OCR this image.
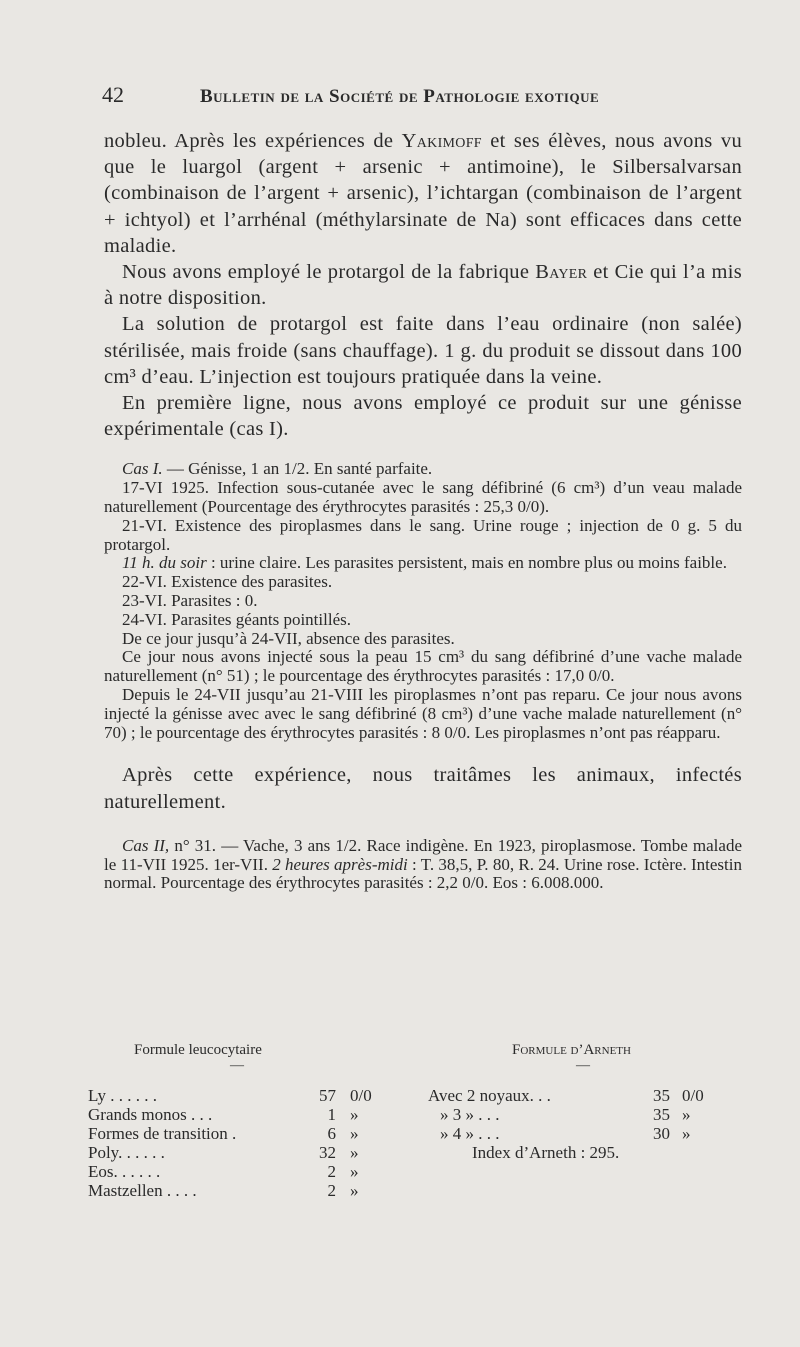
42	Bulletin de la Société de Pathologie exotique

nobleu. Après les expériences de Yakimoff et ses élèves, nous avons vu que le luargol (argent + arsenic + antimoine), le Silbersalvarsan (combinaison de l’argent + arsenic), l’ichtargan (combinaison de l’argent + ichtyol) et l’arrhénal (méthylarsinate de Na) sont efficaces dans cette maladie.

Nous avons employé le protargol de la fabrique Bayer et Cie qui l’a mis à notre disposition.

La solution de protargol est faite dans l’eau ordinaire (non salée) stérilisée, mais froide (sans chauffage). 1 g. du produit se dissout dans 100 cm³ d’eau. L’injection est toujours pratiquée dans la veine.

En première ligne, nous avons employé ce produit sur une génisse expérimentale (cas I).

Cas I. — Génisse, 1 an 1/2. En santé parfaite.

17-VI 1925. Infection sous-cutanée avec le sang défibriné (6 cm³) d’un veau malade naturellement (Pourcentage des érythrocytes parasités : 25,3 0/0).

21-VI. Existence des piroplasmes dans le sang. Urine rouge ; injection de 0 g. 5 du protargol.

11 h. du soir : urine claire. Les parasites persistent, mais en nombre plus ou moins faible.

22-VI. Existence des parasites.

23-VI. Parasites : 0.

24-VI. Parasites géants pointillés.

De ce jour jusqu’à 24-VII, absence des parasites.

Ce jour nous avons injecté sous la peau 15 cm³ du sang défibriné d’une vache malade naturellement (n° 51) ; le pourcentage des érythrocytes parasités : 17,0 0/0.

Depuis le 24-VII jusqu’au 21-VIII les piroplasmes n’ont pas reparu. Ce jour nous avons injecté la génisse avec avec le sang défibriné (8 cm³) d’une vache malade naturellement (n° 70) ; le pourcentage des érythrocytes parasités : 8 0/0. Les piroplasmes n’ont pas réapparu.

Après cette expérience, nous traitâmes les animaux, infectés naturellement.

Cas II, n° 31. — Vache, 3 ans 1/2. Race indigène. En 1923, piroplasmose. Tombe malade le 11-VII 1925. 1er-VII. 2 heures après-midi : T. 38,5, P. 80, R. 24. Urine rose. Ictère. Intestin normal. Pourcentage des érythrocytes parasités : 2,2 0/0. Eos : 6.008.000.

Formule leucocytaire	Formule d’Arneth
—	—
Ly . . . . . .	57 0/0
Grands monos . . .	1 »
Formes de transition .	6 »
Poly. . . . . .	32 »
Eos. . . . . .	2 »
Mastzellen . . . .	2 »
Avec 2 noyaux. . .	35 0/0
» 3 » . . .	35 »
» 4 » . . .	30 »
Index d’Arneth : 295.
